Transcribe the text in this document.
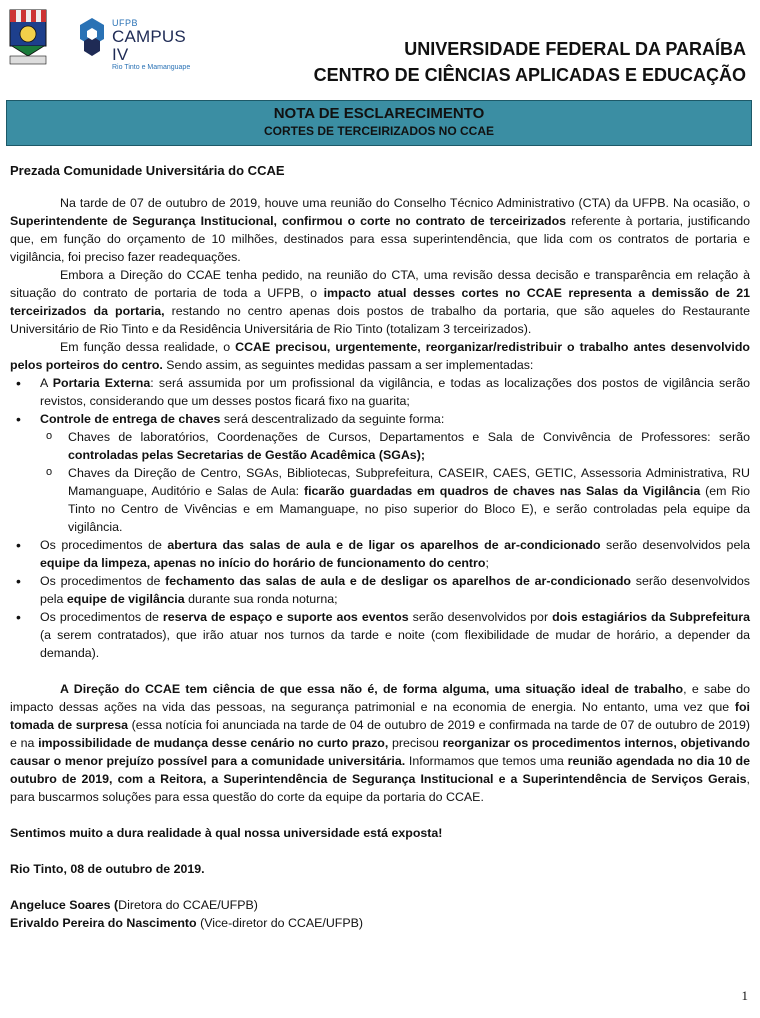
UFPB
CAMPUS IV
Rio Tinto e Mamanguape
UNIVERSIDADE FEDERAL DA PARAÍBA
CENTRO DE CIÊNCIAS APLICADAS E EDUCAÇÃO
NOTA DE ESCLARECIMENTO
CORTES DE TERCEIRIZADOS NO CCAE

Prezada Comunidade Universitária do CCAE

Na tarde de 07 de outubro de 2019, houve uma reunião do Conselho Técnico Administrativo (CTA) da UFPB. Na ocasião, o Superintendente de Segurança Institucional, confirmou o corte no contrato de terceirizados referente à portaria, justificando que, em função do orçamento de 10 milhões, destinados para essa superintendência, que lida com os contratos de portaria e vigilância, foi preciso fazer readequações.

Embora a Direção do CCAE tenha pedido, na reunião do CTA, uma revisão dessa decisão e transparência em relação à situação do contrato de portaria de toda a UFPB, o impacto atual desses cortes no CCAE representa a demissão de 21 terceirizados da portaria, restando no centro apenas dois postos de trabalho da portaria, que são aqueles do Restaurante Universitário de Rio Tinto e da Residência Universitária de Rio Tinto (totalizam 3 terceirizados).

Em função dessa realidade, o CCAE precisou, urgentemente, reorganizar/redistribuir o trabalho antes desenvolvido pelos porteiros do centro. Sendo assim, as seguintes medidas passam a ser implementadas:

• A Portaria Externa: será assumida por um profissional da vigilância, e todas as localizações dos postos de vigilância serão revistos, considerando que um desses postos ficará fixo na guarita;
• Controle de entrega de chaves será descentralizado da seguinte forma:
o Chaves de laboratórios, Coordenações de Cursos, Departamentos e Sala de Convivência de Professores: serão controladas pelas Secretarias de Gestão Acadêmica (SGAs);
o Chaves da Direção de Centro, SGAs, Bibliotecas, Subprefeitura, CASEIR, CAES, GETIC, Assessoria Administrativa, RU Mamanguape, Auditório e Salas de Aula: ficarão guardadas em quadros de chaves nas Salas da Vigilância (em Rio Tinto no Centro de Vivências e em Mamanguape, no piso superior do Bloco E), e serão controladas pela equipe da vigilância.
• Os procedimentos de abertura das salas de aula e de ligar os aparelhos de ar-condicionado serão desenvolvidos pela equipe da limpeza, apenas no início do horário de funcionamento do centro;
• Os procedimentos de fechamento das salas de aula e de desligar os aparelhos de ar-condicionado serão desenvolvidos pela equipe de vigilância durante sua ronda noturna;
• Os procedimentos de reserva de espaço e suporte aos eventos serão desenvolvidos por dois estagiários da Subprefeitura (a serem contratados), que irão atuar nos turnos da tarde e noite (com flexibilidade de mudar de horário, a depender da demanda).

A Direção do CCAE tem ciência de que essa não é, de forma alguma, uma situação ideal de trabalho, e sabe do impacto dessas ações na vida das pessoas, na segurança patrimonial e na economia de energia. No entanto, uma vez que foi tomada de surpresa (essa notícia foi anunciada na tarde de 04 de outubro de 2019 e confirmada na tarde de 07 de outubro de 2019) e na impossibilidade de mudança desse cenário no curto prazo, precisou reorganizar os procedimentos internos, objetivando causar o menor prejuízo possível para a comunidade universitária. Informamos que temos uma reunião agendada no dia 10 de outubro de 2019, com a Reitora, a Superintendência de Segurança Institucional e a Superintendência de Serviços Gerais, para buscarmos soluções para essa questão do corte da equipe da portaria do CCAE.

Sentimos muito a dura realidade à qual nossa universidade está exposta!

Rio Tinto, 08 de outubro de 2019.

Angeluce Soares (Diretora do CCAE/UFPB)

Erivaldo Pereira do Nascimento (Vice-diretor do CCAE/UFPB)

1
